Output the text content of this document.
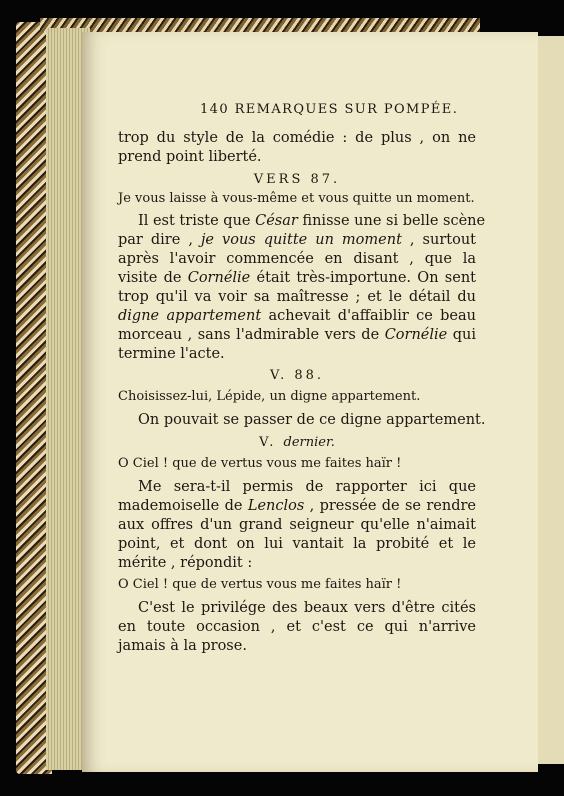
140 REMARQUES SUR POMPÉE.
trop du style de la comédie : de plus , on ne
prend point liberté.
VERS 87.
Je vous laisse à vous-même et vous quitte un moment.
Il est triste que César finisse une si belle scène
par dire , je vous quitte un moment , surtout
après l'avoir commencée en disant , que la
visite de Cornélie était très-importune. On sent
trop qu'il va voir sa maîtresse ; et le détail du
digne appartement achevait d'affaiblir ce beau
morceau , sans l'admirable vers de Cornélie qui
termine l'acte.
V. 88.
Choisissez-lui, Lépide, un digne appartement.
On pouvait se passer de ce digne appartement.
V. dernier.
O Ciel ! que de vertus vous me faites haïr !
Me sera-t-il permis de rapporter ici que
mademoiselle de Lenclos , pressée de se rendre
aux offres d'un grand seigneur qu'elle n'aimait
point, et dont on lui vantait la probité et le
mérite , répondit :
O Ciel ! que de vertus vous me faites haïr !
C'est le privilége des beaux vers d'être cités
en toute occasion , et c'est ce qui n'arrive
jamais à la prose.
